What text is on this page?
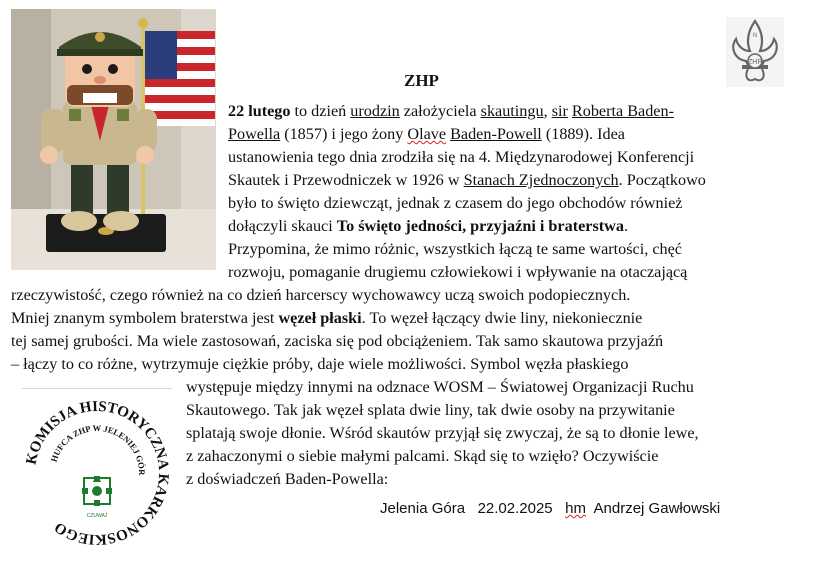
ZHP
N
ZHP
22 lutego to dzień urodzin założyciela skautingu, sir Roberta Baden-
Powella (1857) i jego żony Olave Baden-Powell (1889). Idea
ustanowienia tego dnia zrodziła się na 4. Międzynarodowej Konferencji
Skautek i Przewodniczek w 1926 w Stanach Zjednoczonych. Początkowo
było to święto dziewcząt, jednak z czasem do jego obchodów również
dołączyli skauci To święto jedności, przyjaźni i braterstwa.
Przypomina, że mimo różnic, wszystkich łączą te same wartości, chęć
rozwoju, pomaganie drugiemu człowiekowi i wpływanie na otaczającą
rzeczywistość, czego również na co dzień harcerscy wychowawcy uczą swoich podopiecznych.
Mniej znanym symbolem braterstwa jest węzeł płaski. To węzeł łączący dwie liny, niekoniecznie
tej samej grubości. Ma wiele zastosowań, zaciska się pod obciążeniem. Tak samo skautowa przyjaźń
– łączy to co różne, wytrzymuje ciężkie próby, daje wiele możliwości. Symbol węzła płaskiego
występuje między innymi na odznace WOSM – Światowej Organizacji Ruchu
Skautowego. Tak jak węzeł splata dwie liny, tak dwie osoby na przywitanie
splatają swoje dłonie. Wśród skautów przyjął się zwyczaj, że są to dłonie lewe,
z zahaczonymi o siebie małymi palcami. Skąd się to wzięło? Oczywiście
z doświadczeń Baden-Powella:
KOMISJA HISTORYCZNA KARKONOSKIEGO
HUFCA ZHP W JELENIEJ GÓR
CZUWAJ	Jelenia Góra 22.02.2025 hm Andrzej Gawłowski
